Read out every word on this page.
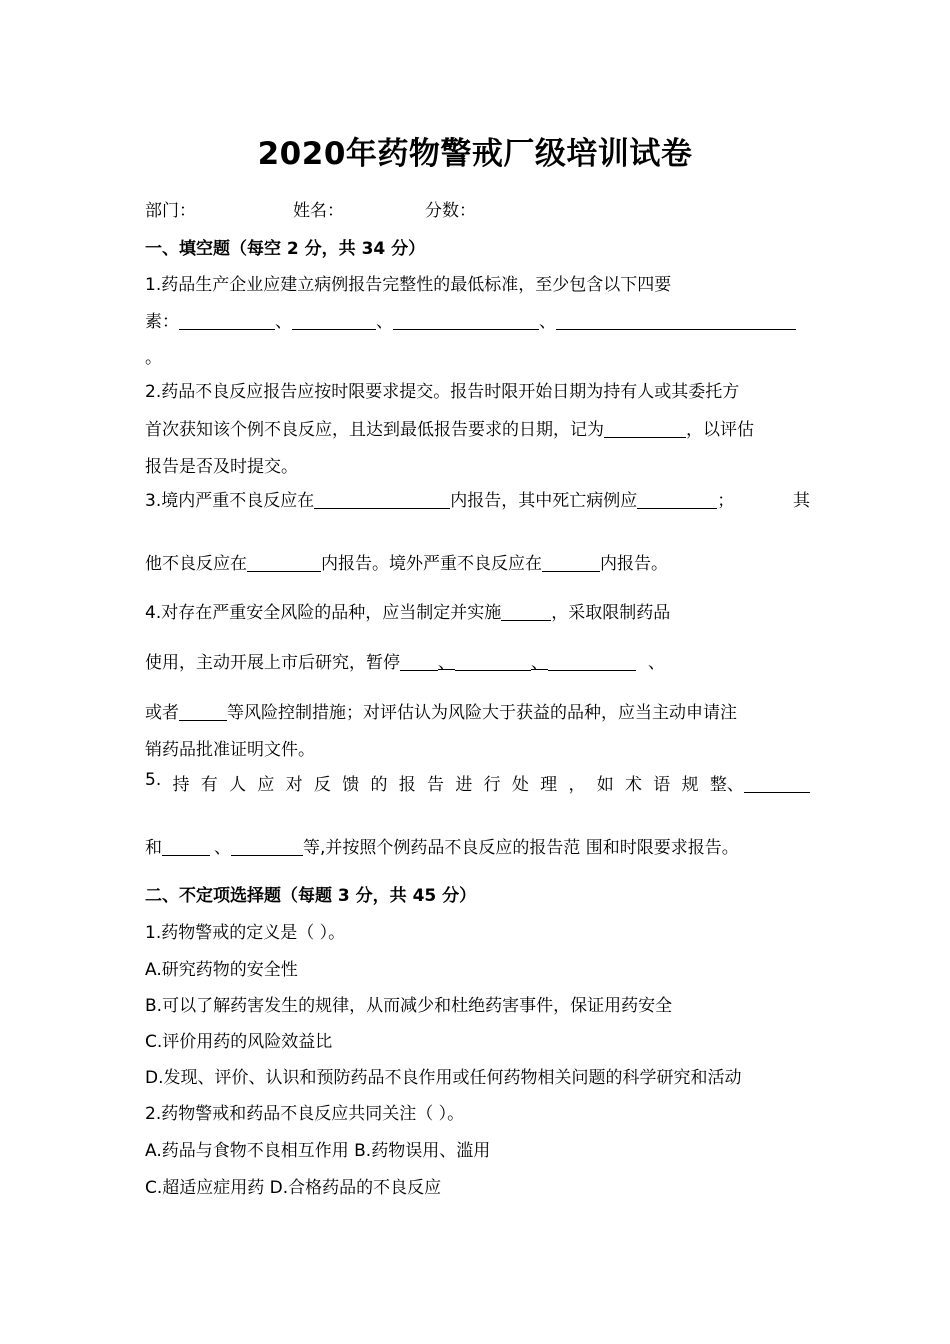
2020年药物警戒厂级培训试卷
部门：	姓名：	分数：
一、填空题（每空 2 分，共 34 分）
1.药品生产企业应建立病例报告完整性的最低标准，至少包含以下四要
素：	、	、	、
。
2.药品不良反应报告应按时限要求提交。报告时限开始日期为持有人或其委托方
首次获知该个例不良反应，且达到最低报告要求的日期，记为	，以评估
报告是否及时提交。
3.境内严重不良反应在	内报告，其中死亡病例应	；	其
他不良反应在	内报告。境外严重不良反应在	内报告。
4.对存在严重安全风险的品种，应当制定并实施	，采取限制药品
使用，主动开展上市后研究，暂停 、	、	、
或者	等风险控制措施；对评估认为风险大于获益的品种，应当主动申请注
销药品批准证明文件。
5. 持 有 人 应 对 反 馈 的 报 告 进 行 处 理 ， 如 术 语 规 整、
和	、	等,并按照个例药品不良反应的报告范 围和时限要求报告。
二、不定项选择题（每题 3 分，共 45 分）
1.药物警戒的定义是（ ）。
A.研究药物的安全性
B.可以了解药害发生的规律，从而减少和杜绝药害事件，保证用药安全
C.评价用药的风险效益比
D.发现、评价、认识和预防药品不良作用或任何药物相关问题的科学研究和活动
2.药物警戒和药品不良反应共同关注（ ）。
A.药品与食物不良相互作用 B.药物误用、滥用
C.超适应症用药 D.合格药品的不良反应
